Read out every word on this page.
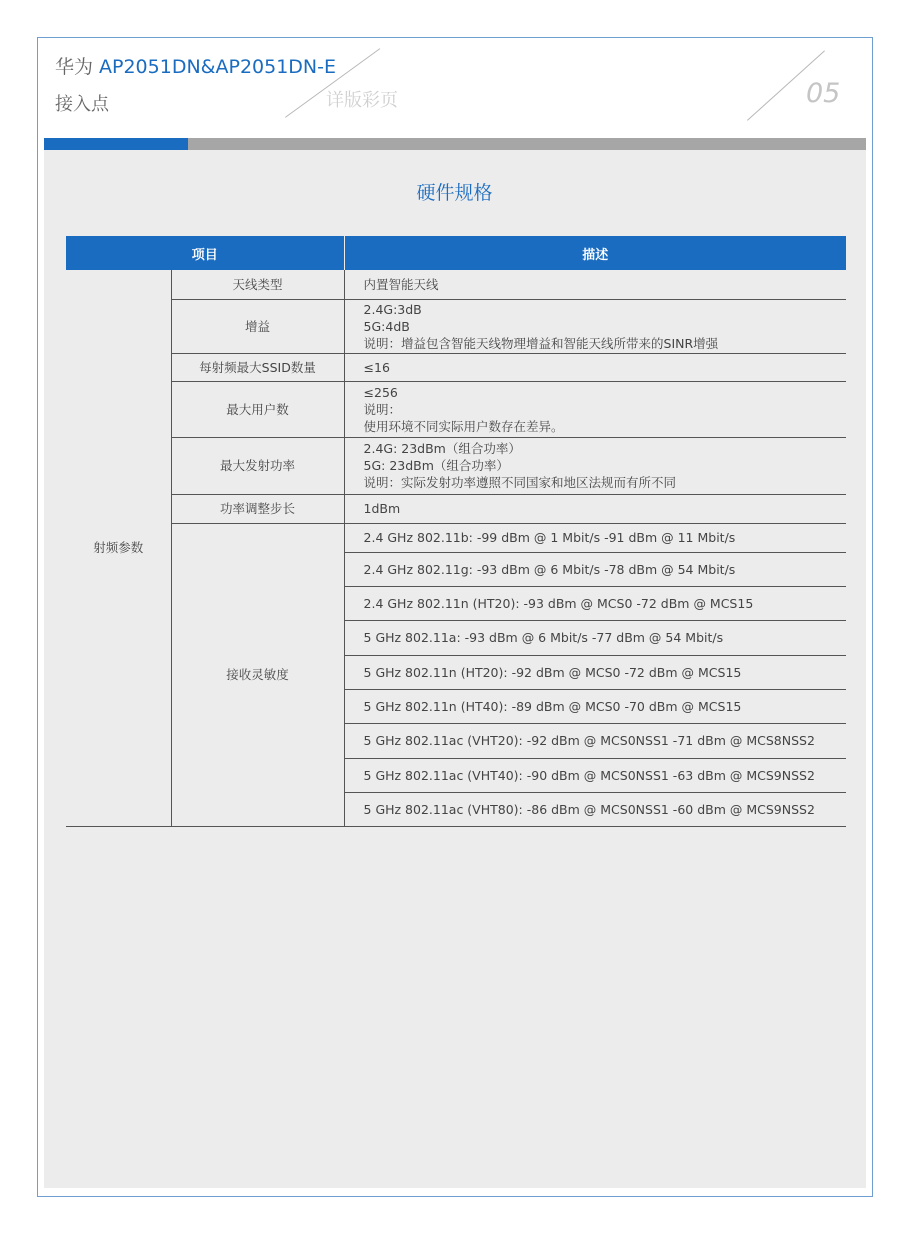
华为 AP2051DN&AP2051DN-E
接入点	详版彩页	05
硬件规格
项目		描述
射频参数	天线类型	内置智能天线

	增益	2.4G:3dB
5G:4dB
说明：增益包含智能天线物理增益和智能天线所带来的SINR增强

	每射频最大SSID数量	≤16

	最大用户数	≤256
说明：
使用环境不同实际用户数存在差异。

	最大发射功率	2.4G: 23dBm（组合功率）
5G: 23dBm（组合功率）
说明：实际发射功率遵照不同国家和地区法规而有所不同

	功率调整步长	1dBm

	接收灵敏度	2.4 GHz 802.11b: -99 dBm @ 1 Mbit/s -91 dBm @ 11 Mbit/s
		2.4 GHz 802.11g: -93 dBm @ 6 Mbit/s -78 dBm @ 54 Mbit/s
		2.4 GHz 802.11n (HT20): -93 dBm @ MCS0 -72 dBm @ MCS15
		5 GHz 802.11a: -93 dBm @ 6 Mbit/s -77 dBm @ 54 Mbit/s
		5 GHz 802.11n (HT20): -92 dBm @ MCS0 -72 dBm @ MCS15
		5 GHz 802.11n (HT40): -89 dBm @ MCS0 -70 dBm @ MCS15
		5 GHz 802.11ac (VHT20): -92 dBm @ MCS0NSS1 -71 dBm @ MCS8NSS2
		5 GHz 802.11ac (VHT40): -90 dBm @ MCS0NSS1 -63 dBm @ MCS9NSS2
		5 GHz 802.11ac (VHT80): -86 dBm @ MCS0NSS1 -60 dBm @ MCS9NSS2
